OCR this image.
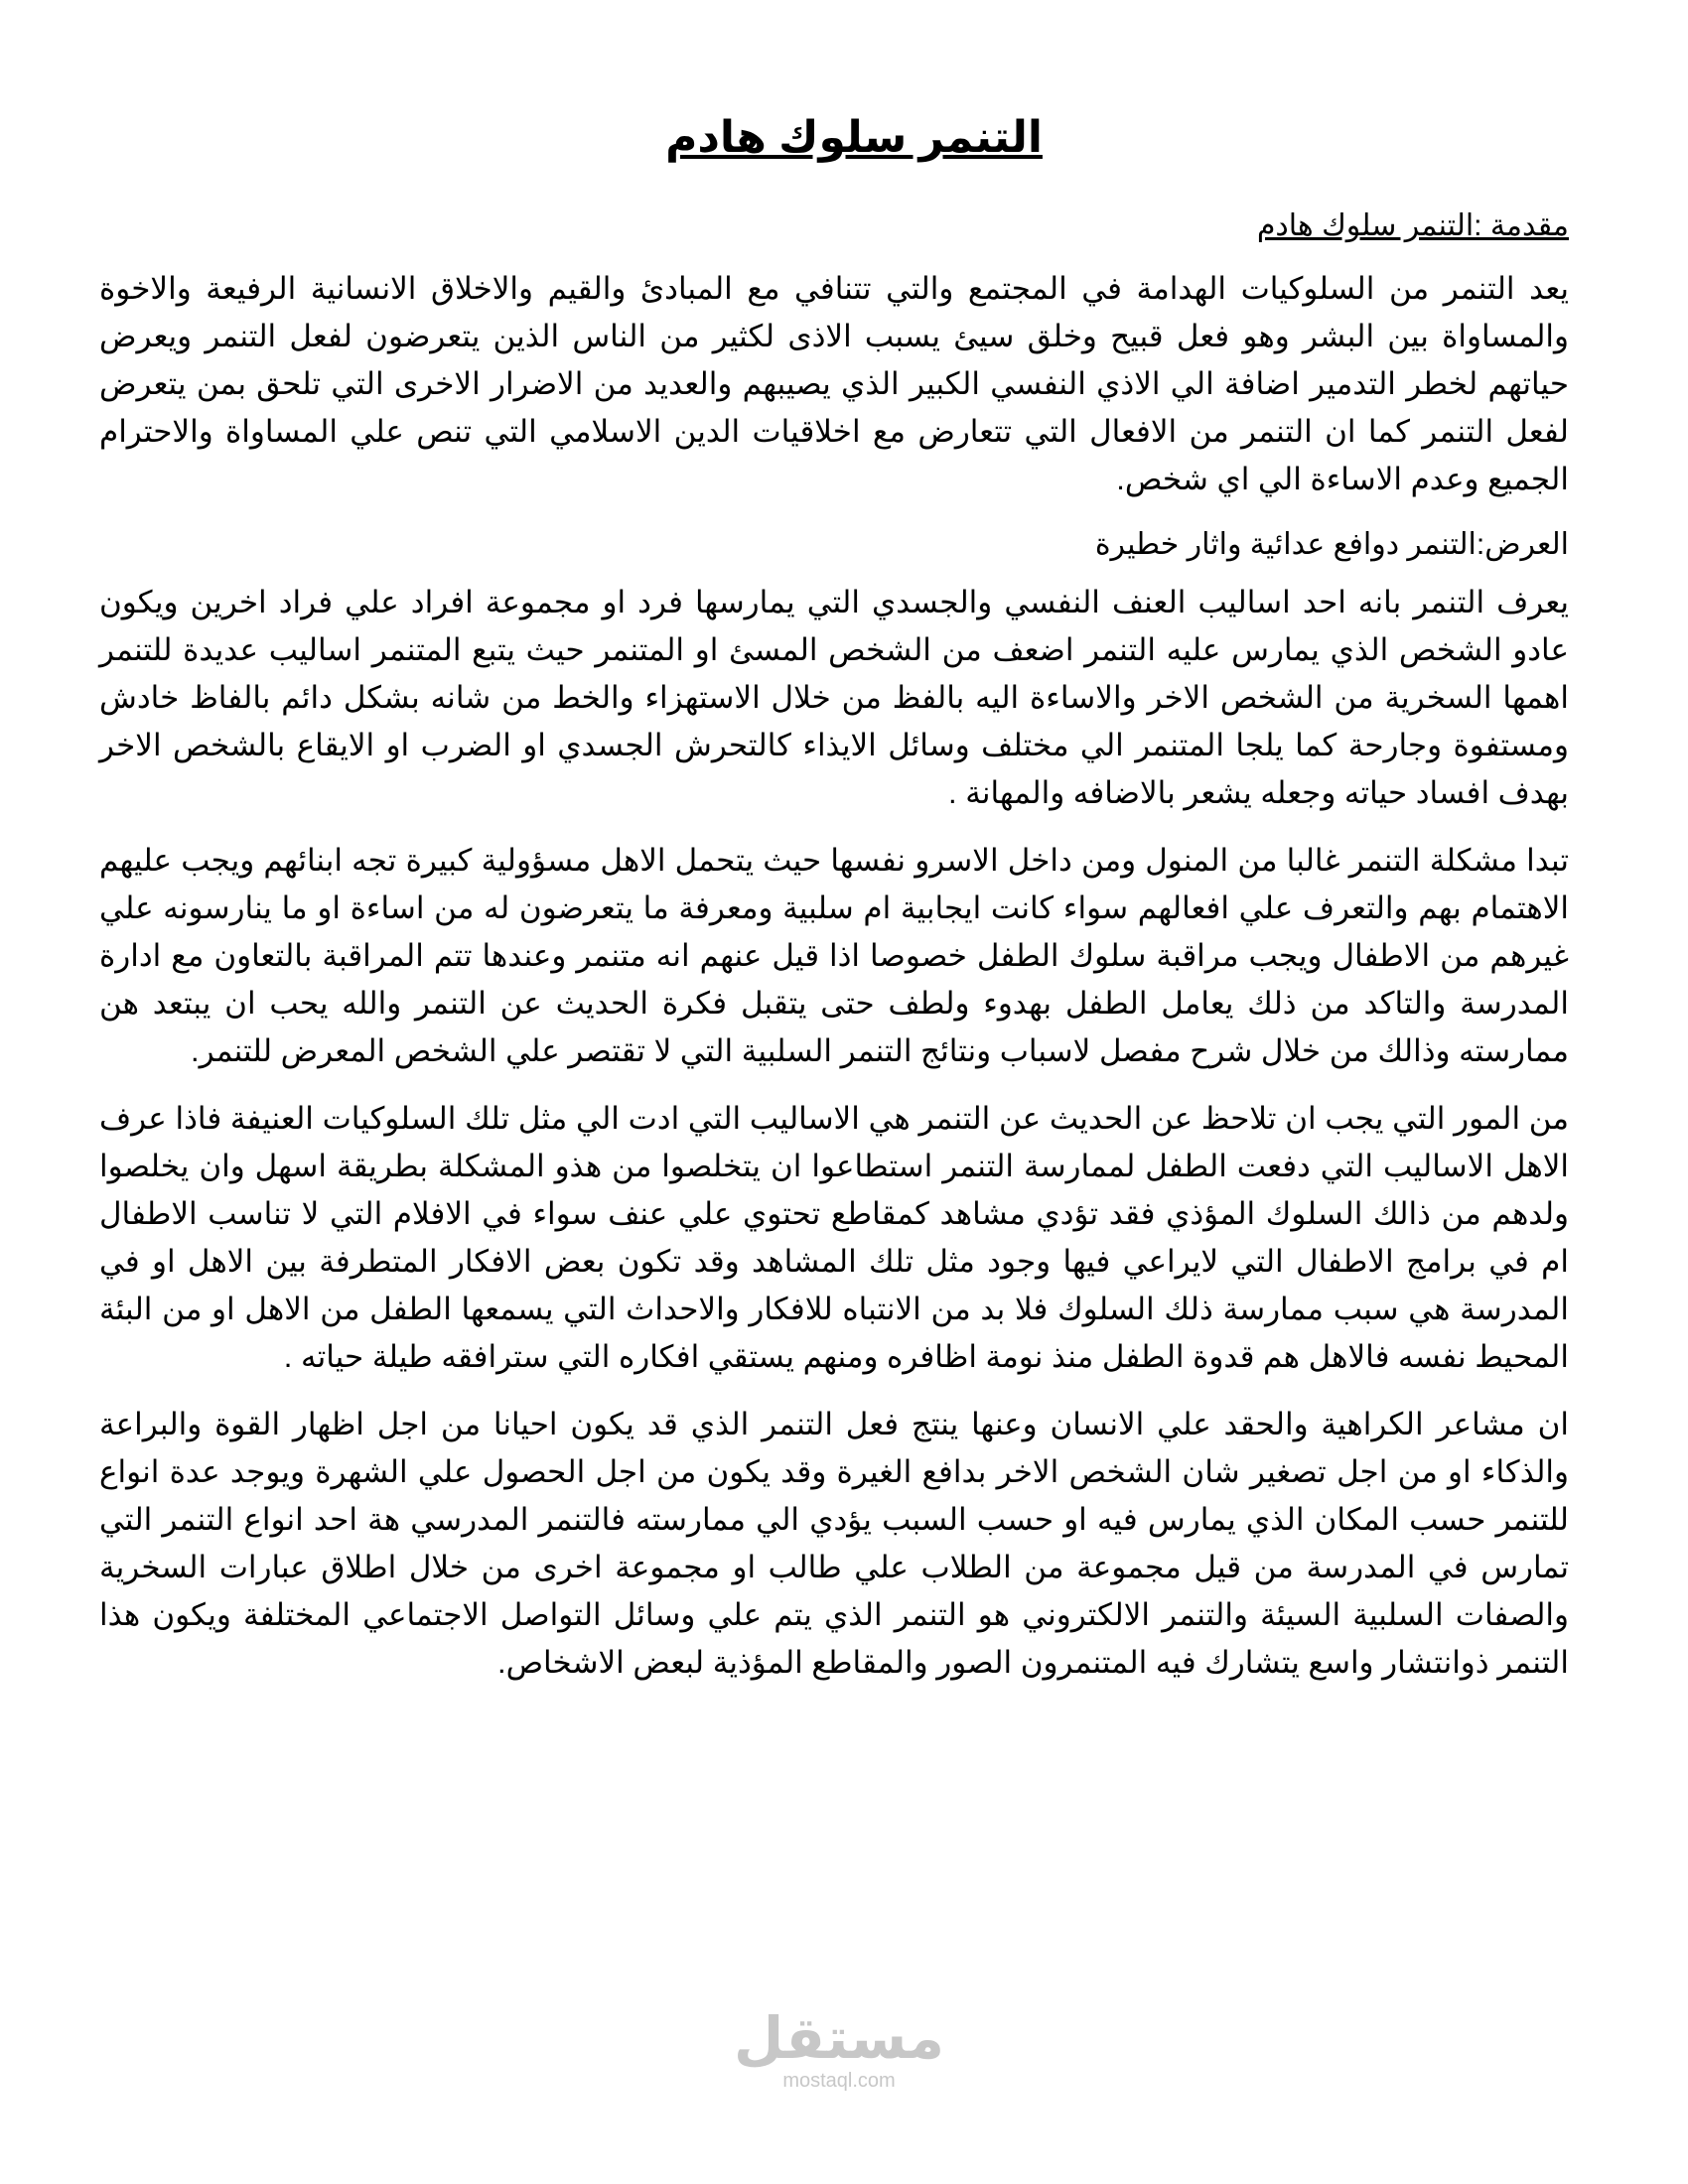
التنمر سلوك هادم
مقدمة :التنمر سلوك هادم

يعد التنمر من السلوكيات الهدامة في المجتمع والتي تتنافي مع المبادئ والقيم والاخلاق الانسانية الرفيعة والاخوة والمساواة بين البشر وهو فعل قبيح وخلق سيئ يسبب الاذى لكثير من الناس الذين يتعرضون لفعل التنمر ويعرض حياتهم لخطر التدمير اضافة الي الاذي النفسي الكبير الذي يصيبهم والعديد من الاضرار الاخرى التي تلحق بمن يتعرض لفعل التنمر كما ان التنمر من الافعال التي تتعارض مع اخلاقيات الدين الاسلامي التي تنص علي المساواة والاحترام الجميع وعدم الاساءة الي اي شخص.

العرض:التنمر دوافع عدائية واثار خطيرة

يعرف التنمر بانه احد اساليب العنف النفسي والجسدي التي يمارسها فرد او مجموعة افراد علي فراد اخرين ويكون عادو الشخص الذي يمارس عليه التنمر اضعف من الشخص المسئ او المتنمر حيث يتبع المتنمر اساليب عديدة للتنمر اهمها السخرية من الشخص الاخر والاساءة اليه بالفظ من خلال الاستهزاء والخط من شانه بشكل دائم بالفاظ خادش ومستفوة وجارحة كما يلجا المتنمر الي مختلف وسائل الايذاء كالتحرش الجسدي او الضرب او الايقاع بالشخص الاخر بهدف افساد حياته وجعله يشعر بالاضافه والمهانة .

تبدا مشكلة التنمر غالبا من المنول ومن داخل الاسرو نفسها حيث يتحمل الاهل مسؤولية كبيرة تجه ابنائهم ويجب عليهم الاهتمام بهم والتعرف علي افعالهم سواء كانت ايجابية ام سلبية ومعرفة ما يتعرضون له من اساءة او ما ينارسونه علي غيرهم من الاطفال ويجب مراقبة سلوك الطفل خصوصا اذا قيل عنهم انه متنمر وعندها تتم المراقبة بالتعاون مع ادارة المدرسة والتاكد من ذلك يعامل الطفل بهدوء ولطف حتى يتقبل فكرة الحديث عن التنمر والله يحب ان يبتعد هن ممارسته وذالك من خلال شرح مفصل لاسباب ونتائج التنمر السلبية التي لا تقتصر علي الشخص المعرض للتنمر.

من المور التي يجب ان تلاحظ عن الحديث عن التنمر هي الاساليب التي ادت الي مثل تلك السلوكيات العنيفة فاذا عرف الاهل الاساليب التي دفعت الطفل لممارسة التنمر استطاعوا ان يتخلصوا من هذو المشكلة بطريقة اسهل وان يخلصوا ولدهم من ذالك السلوك المؤذي فقد تؤدي مشاهد كمقاطع تحتوي علي عنف سواء في الافلام التي لا تناسب الاطفال ام في برامج الاطفال التي لايراعي فيها وجود مثل تلك المشاهد وقد تكون بعض الافكار المتطرفة بين الاهل او في المدرسة هي سبب ممارسة ذلك السلوك فلا بد من الانتباه للافكار والاحداث التي يسمعها الطفل من الاهل او من البئة المحيط نفسه فالاهل هم قدوة الطفل منذ نومة اظافره ومنهم يستقي افكاره التي سترافقه طيلة حياته .

ان مشاعر الكراهية والحقد علي الانسان وعنها ينتج فعل التنمر الذي قد يكون احيانا من اجل اظهار القوة والبراعة والذكاء او من اجل تصغير شان الشخص الاخر بدافع الغيرة وقد يكون من اجل الحصول علي الشهرة ويوجد عدة انواع للتنمر حسب المكان الذي يمارس فيه او حسب السبب يؤدي الي ممارسته فالتنمر المدرسي هة احد انواع التنمر التي تمارس في المدرسة من قيل مجموعة من الطلاب علي طالب او مجموعة اخرى من خلال اطلاق عبارات السخرية والصفات السلبية السيئة والتنمر الالكتروني هو التنمر الذي يتم علي وسائل التواصل الاجتماعي المختلفة ويكون هذا التنمر ذوانتشار واسع يتشارك فيه المتنمرون الصور والمقاطع المؤذية لبعض الاشخاص.

مستقل
mostaql.com
